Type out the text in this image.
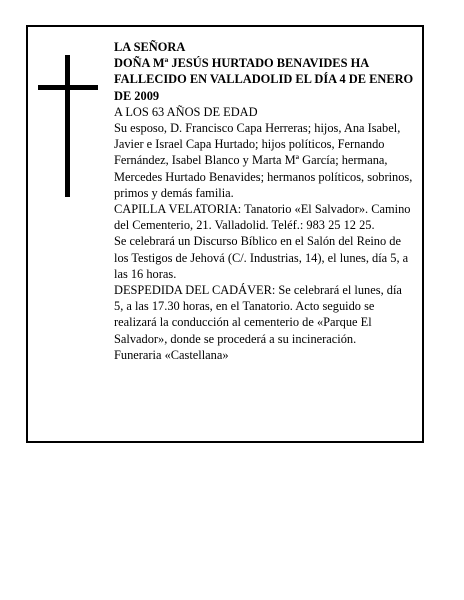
LA SEÑORA

DOÑA Mª JESÚS HURTADO BENAVIDES HA FALLECIDO EN VALLADOLID EL DÍA 4 DE ENERO DE 2009

A LOS 63 AÑOS DE EDAD

Su esposo, D. Francisco Capa Herreras; hijos, Ana Isabel, Javier e Israel Capa Hurtado; hijos políticos, Fernando Fernández, Isabel Blanco y Marta Mª García; hermana, Mercedes Hurtado Benavides; hermanos políticos, sobrinos, primos y demás familia.

CAPILLA VELATORIA: Tanatorio «El Salvador». Camino del Cementerio, 21. Valladolid. Teléf.: 983 25 12 25.

Se celebrará un Discurso Bíblico en el Salón del Reino de los Testigos de Jehová (C/. Industrias, 14), el lunes, día 5, a las 16 horas.

DESPEDIDA DEL CADÁVER: Se celebrará el lunes, día 5, a las 17.30 horas, en el Tanatorio. Acto seguido se realizará la conducción al cementerio de «Parque El Salvador», donde se procederá a su incineración.

Funeraria «Castellana»
